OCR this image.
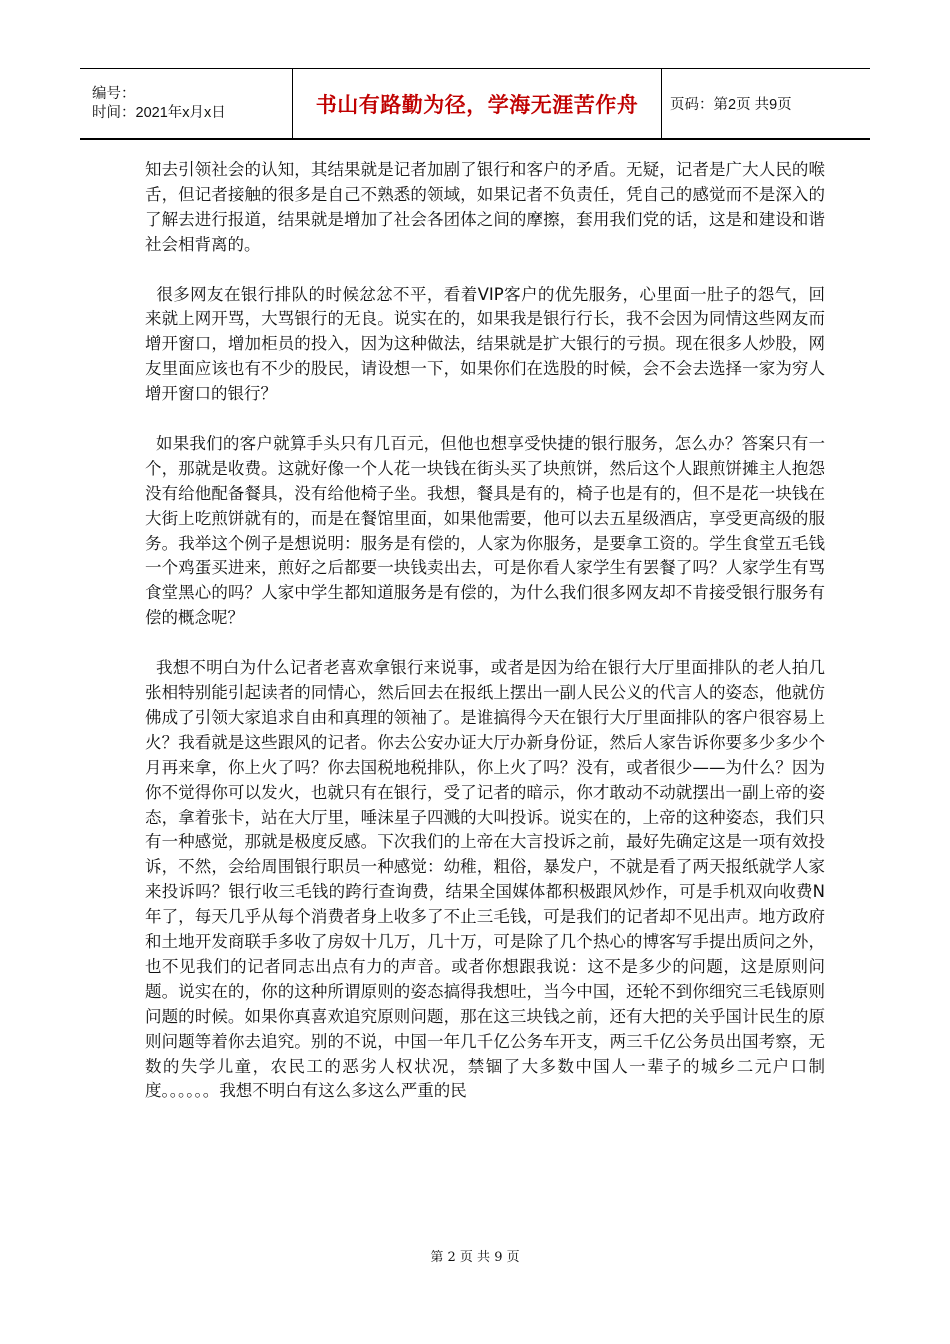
编号：
时间：2021年x月x日	书山有路勤为径，学海无涯苦作舟	页码：第2页 共9页

知去引领社会的认知，其结果就是记者加剧了银行和客户的矛盾。无疑，记者是广大人民的喉舌，但记者接触的很多是自己不熟悉的领域，如果记者不负责任，凭自己的感觉而不是深入的了解去进行报道，结果就是增加了社会各团体之间的摩擦，套用我们党的话，这是和建设和谐社会相背离的。

很多网友在银行排队的时候忿忿不平，看着VIP客户的优先服务，心里面一肚子的怨气，回来就上网开骂，大骂银行的无良。说实在的，如果我是银行行长，我不会因为同情这些网友而增开窗口，增加柜员的投入，因为这种做法，结果就是扩大银行的亏损。现在很多人炒股，网友里面应该也有不少的股民，请设想一下，如果你们在选股的时候，会不会去选择一家为穷人增开窗口的银行？

如果我们的客户就算手头只有几百元，但他也想享受快捷的银行服务，怎么办？答案只有一个，那就是收费。这就好像一个人花一块钱在街头买了块煎饼，然后这个人跟煎饼摊主人抱怨没有给他配备餐具，没有给他椅子坐。我想，餐具是有的，椅子也是有的，但不是花一块钱在大街上吃煎饼就有的，而是在餐馆里面，如果他需要，他可以去五星级酒店，享受更高级的服务。我举这个例子是想说明：服务是有偿的，人家为你服务，是要拿工资的。学生食堂五毛钱一个鸡蛋买进来，煎好之后都要一块钱卖出去，可是你看人家学生有罢餐了吗？人家学生有骂食堂黑心的吗？人家中学生都知道服务是有偿的，为什么我们很多网友却不肯接受银行服务有偿的概念呢？

我想不明白为什么记者老喜欢拿银行来说事，或者是因为给在银行大厅里面排队的老人拍几张相特别能引起读者的同情心，然后回去在报纸上摆出一副人民公义的代言人的姿态，他就仿佛成了引领大家追求自由和真理的领袖了。是谁搞得今天在银行大厅里面排队的客户很容易上火？我看就是这些跟风的记者。你去公安办证大厅办新身份证，然后人家告诉你要多少多少个月再来拿，你上火了吗？你去国税地税排队，你上火了吗？没有，或者很少——为什么？因为你不觉得你可以发火，也就只有在银行，受了记者的暗示，你才敢动不动就摆出一副上帝的姿态，拿着张卡，站在大厅里，唾沫星子四溅的大叫投诉。说实在的，上帝的这种姿态，我们只有一种感觉，那就是极度反感。下次我们的上帝在大言投诉之前，最好先确定这是一项有效投诉，不然，会给周围银行职员一种感觉：幼稚，粗俗，暴发户，不就是看了两天报纸就学人家来投诉吗？银行收三毛钱的跨行查询费，结果全国媒体都积极跟风炒作，可是手机双向收费N年了，每天几乎从每个消费者身上收多了不止三毛钱，可是我们的记者却不见出声。地方政府和土地开发商联手多收了房奴十几万，几十万，可是除了几个热心的博客写手提出质问之外，也不见我们的记者同志出点有力的声音。或者你想跟我说：这不是多少的问题，这是原则问题。说实在的，你的这种所谓原则的姿态搞得我想吐，当今中国，还轮不到你细究三毛钱原则问题的时候。如果你真喜欢追究原则问题，那在这三块钱之前，还有大把的关乎国计民生的原则问题等着你去追究。别的不说，中国一年几千亿公务车开支，两三千亿公务员出国考察，无数的失学儿童，农民工的恶劣人权状况，禁锢了大多数中国人一辈子的城乡二元户口制度。。。。。。我想不明白有这么多这么严重的民

第 2 页 共 9 页
